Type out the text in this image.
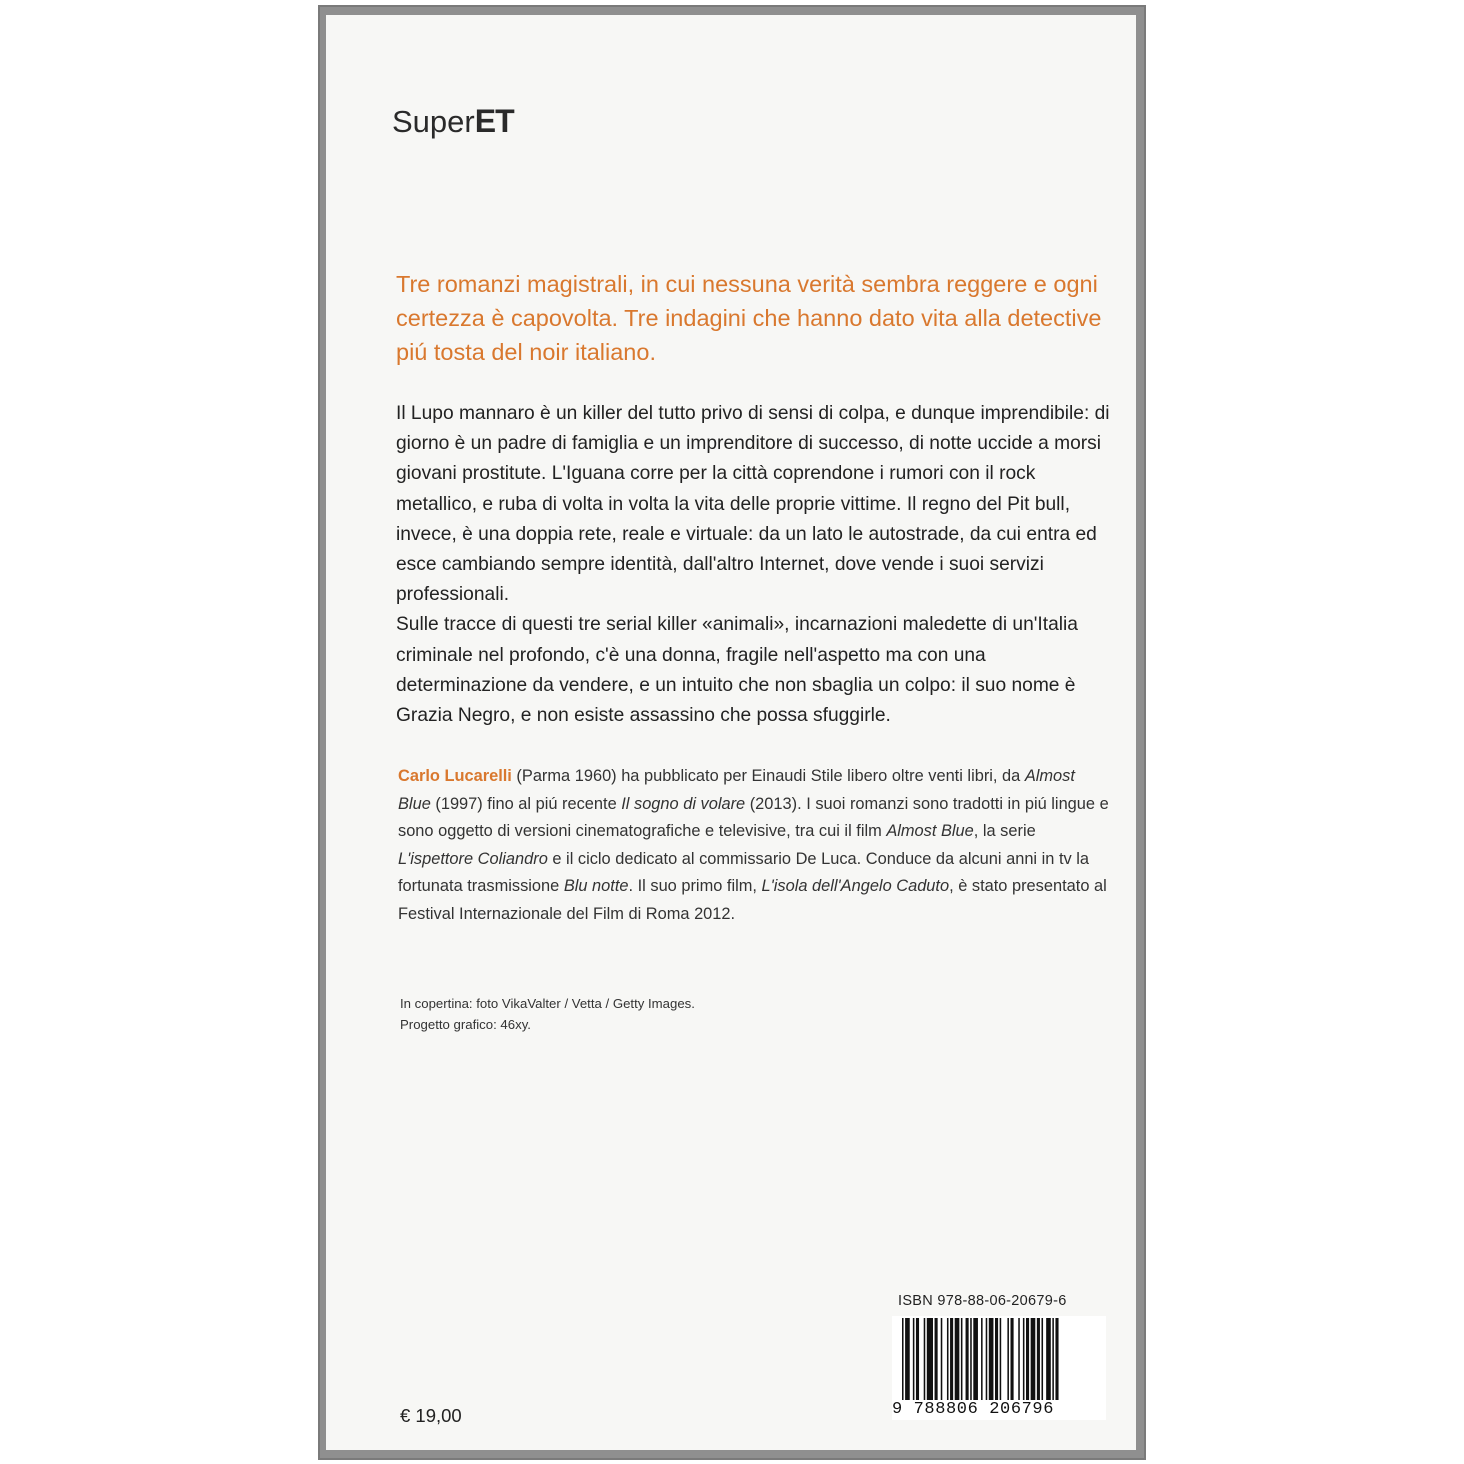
SuperET

Tre romanzi magistrali, in cui nessuna verità sembra reggere e ogni certezza è capovolta. Tre indagini che hanno dato vita alla detective piú tosta del noir italiano.

Il Lupo mannaro è un killer del tutto privo di sensi di colpa, e dunque imprendibile: di giorno è un padre di famiglia e un imprenditore di successo, di notte uccide a morsi giovani prostitute. L'Iguana corre per la città coprendone i rumori con il rock metallico, e ruba di volta in volta la vita delle proprie vittime. Il regno del Pit bull, invece, è una doppia rete, reale e virtuale: da un lato le autostrade, da cui entra ed esce cambiando sempre identità, dall'altro Internet, dove vende i suoi servizi professionali.

Sulle tracce di questi tre serial killer «animali», incarnazioni maledette di un'Italia criminale nel profondo, c'è una donna, fragile nell'aspetto ma con una determinazione da vendere, e un intuito che non sbaglia un colpo: il suo nome è Grazia Negro, e non esiste assassino che possa sfuggirle.

Carlo Lucarelli (Parma 1960) ha pubblicato per Einaudi Stile libero oltre venti libri, da Almost Blue (1997) fino al piú recente Il sogno di volare (2013). I suoi romanzi sono tradotti in piú lingue e sono oggetto di versioni cinematografiche e televisive, tra cui il film Almost Blue, la serie L'ispettore Coliandro e il ciclo dedicato al commissario De Luca. Conduce da alcuni anni in tv la fortunata trasmissione Blu notte. Il suo primo film, L'isola dell'Angelo Caduto, è stato presentato al Festival Internazionale del Film di Roma 2012.

In copertina: foto VikaValter / Vetta / Getty Images.
Progetto grafico: 46xy.
€ 19,00
ISBN 978-88-06-20679-6
9 788806 206796
